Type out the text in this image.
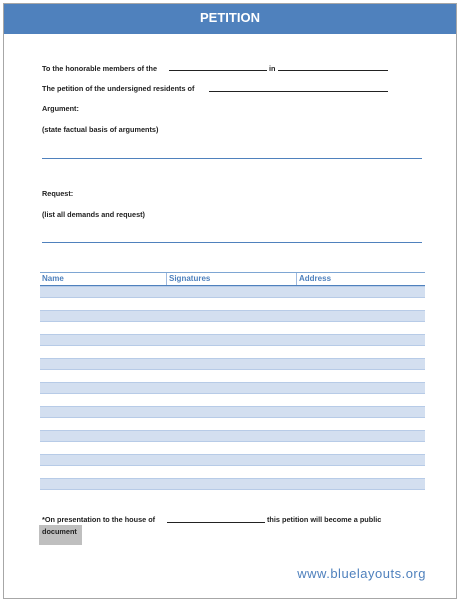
PETITION
To the honorable members of the	in
The petition of the undersigned residents of
Argument:
(state factual basis of arguments)
Request:
(list all demands and request)
Name	Signatures	Address
*On presentation to the house of	this petition will become a public
document
www.bluelayouts.org
